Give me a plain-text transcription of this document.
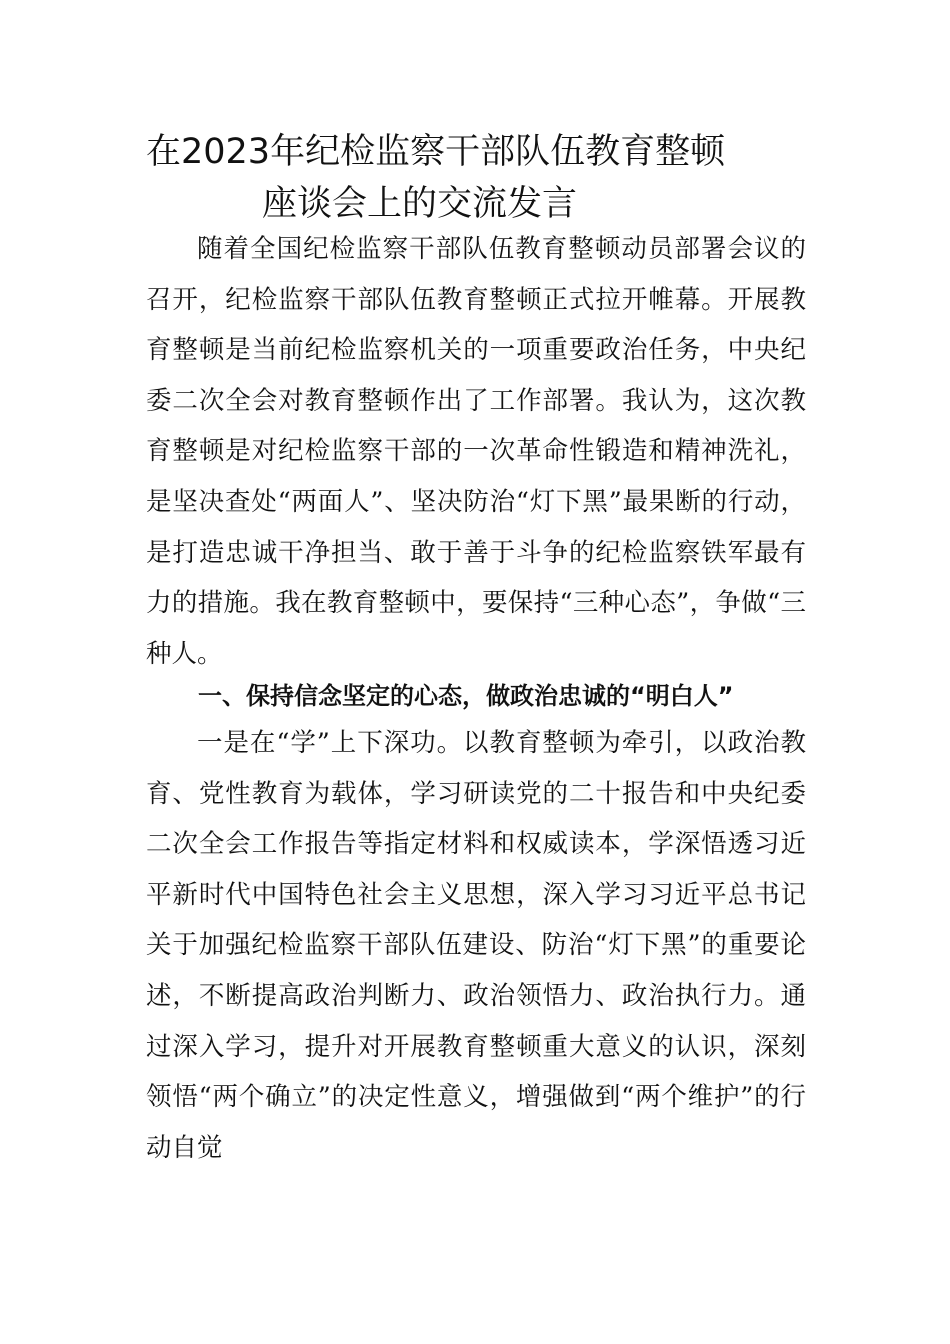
在2023年纪检监察干部队伍教育整顿
座谈会上的交流发言

随着全国纪检监察干部队伍教育整顿动员部署会议的召开，纪检监察干部队伍教育整顿正式拉开帷幕。开展教育整顿是当前纪检监察机关的一项重要政治任务，中央纪委二次全会对教育整顿作出了工作部署。我认为，这次教育整顿是对纪检监察干部的一次革命性锻造和精神洗礼，是坚决查处“两面人”、坚决防治“灯下黑”最果断的行动，是打造忠诚干净担当、敢于善于斗争的纪检监察铁军最有力的措施。我在教育整顿中，要保持“三种心态”，争做“三种人。

一、保持信念坚定的心态，做政治忠诚的“明白人”

一是在“学”上下深功。以教育整顿为牵引，以政治教育、党性教育为载体，学习研读党的二十报告和中央纪委二次全会工作报告等指定材料和权威读本，学深悟透习近平新时代中国特色社会主义思想，深入学习习近平总书记关于加强纪检监察干部队伍建设、防治“灯下黑”的重要论述，不断提高政治判断力、政治领悟力、政治执行力。通过深入学习，提升对开展教育整顿重大意义的认识，深刻领悟“两个确立”的决定性意义，增强做到“两个维护”的行动自觉
